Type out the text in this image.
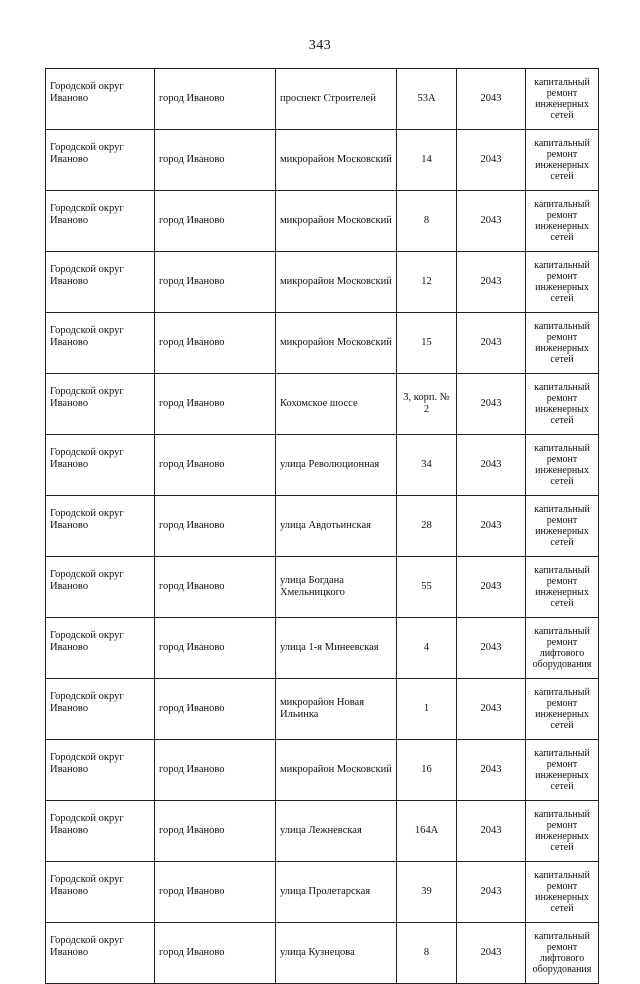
343
Городской округ Иваново	город Иваново	проспект Строителей	53А	2043	капитальный ремонт инженерных сетей
Городской округ Иваново	город Иваново	микрорайон Московский	14	2043	капитальный ремонт инженерных сетей
Городской округ Иваново	город Иваново	микрорайон Московский	8	2043	капитальный ремонт инженерных сетей
Городской округ Иваново	город Иваново	микрорайон Московский	12	2043	капитальный ремонт инженерных сетей
Городской округ Иваново	город Иваново	микрорайон Московский	15	2043	капитальный ремонт инженерных сетей
Городской округ Иваново	город Иваново	Кохомское шоссе	3, корп. № 2	2043	капитальный ремонт инженерных сетей
Городской округ Иваново	город Иваново	улица Революционная	34	2043	капитальный ремонт инженерных сетей
Городской округ Иваново	город Иваново	улица Авдотьинская	28	2043	капитальный ремонт инженерных сетей
Городской округ Иваново	город Иваново	улица Богдана Хмельницкого	55	2043	капитальный ремонт инженерных сетей
Городской округ Иваново	город Иваново	улица 1-я Минеевская	4	2043	капитальный ремонт лифтового оборудования
Городской округ Иваново	город Иваново	микрорайон Новая Ильинка	1	2043	капитальный ремонт инженерных сетей
Городской округ Иваново	город Иваново	микрорайон Московский	16	2043	капитальный ремонт инженерных сетей
Городской округ Иваново	город Иваново	улица Лежневская	164А	2043	капитальный ремонт инженерных сетей
Городской округ Иваново	город Иваново	улица Пролетарская	39	2043	капитальный ремонт инженерных сетей
Городской округ Иваново	город Иваново	улица Кузнецова	8	2043	капитальный ремонт лифтового оборудования
